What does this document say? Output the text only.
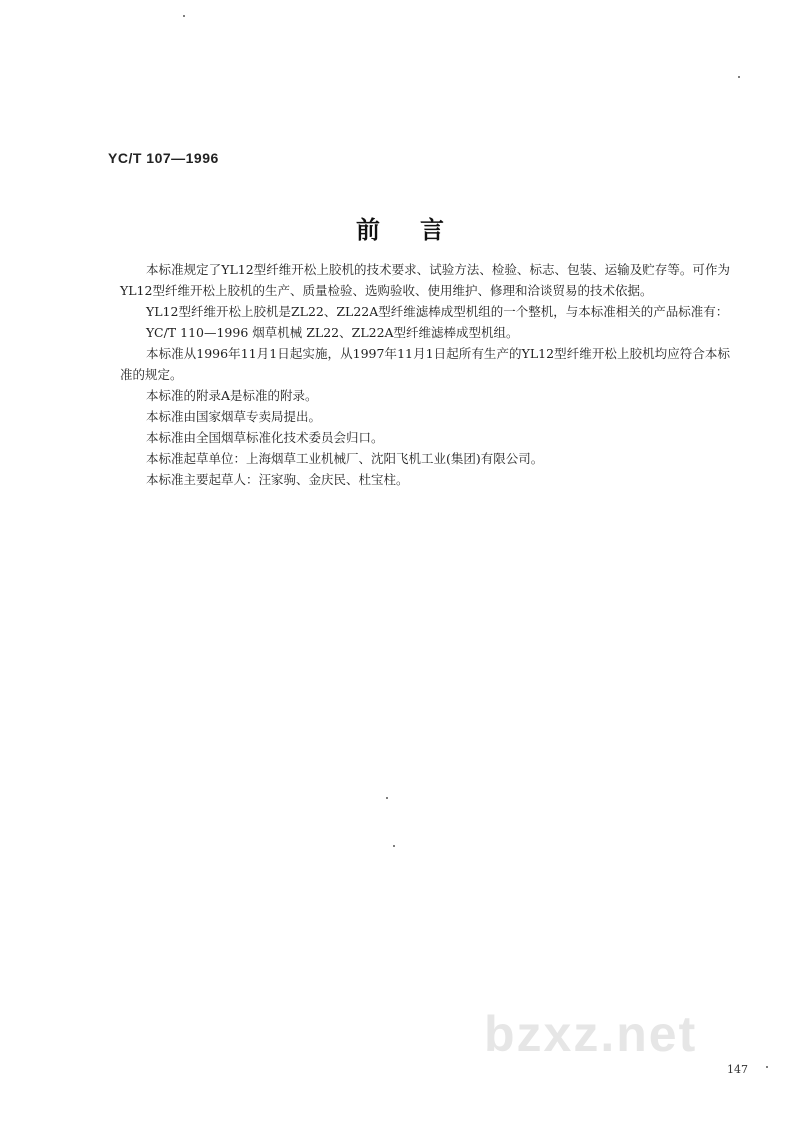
YC/T 107—1996
前言

本标准规定了YL12型纤维开松上胶机的技术要求、试验方法、检验、标志、包装、运输及贮存等。可作为YL12型纤维开松上胶机的生产、质量检验、选购验收、使用维护、修理和洽谈贸易的技术依据。

YL12型纤维开松上胶机是ZL22、ZL22A型纤维滤棒成型机组的一个整机，与本标准相关的产品标准有：

YC/T 110—1996 烟草机械 ZL22、ZL22A型纤维滤棒成型机组。

本标准从1996年11月1日起实施，从1997年11月1日起所有生产的YL12型纤维开松上胶机均应符合本标准的规定。

本标准的附录A是标准的附录。

本标准由国家烟草专卖局提出。

本标准由全国烟草标准化技术委员会归口。

本标准起草单位：上海烟草工业机械厂、沈阳飞机工业(集团)有限公司。

本标准主要起草人：汪家驹、金庆民、杜宝柱。

bzxz.net
147
